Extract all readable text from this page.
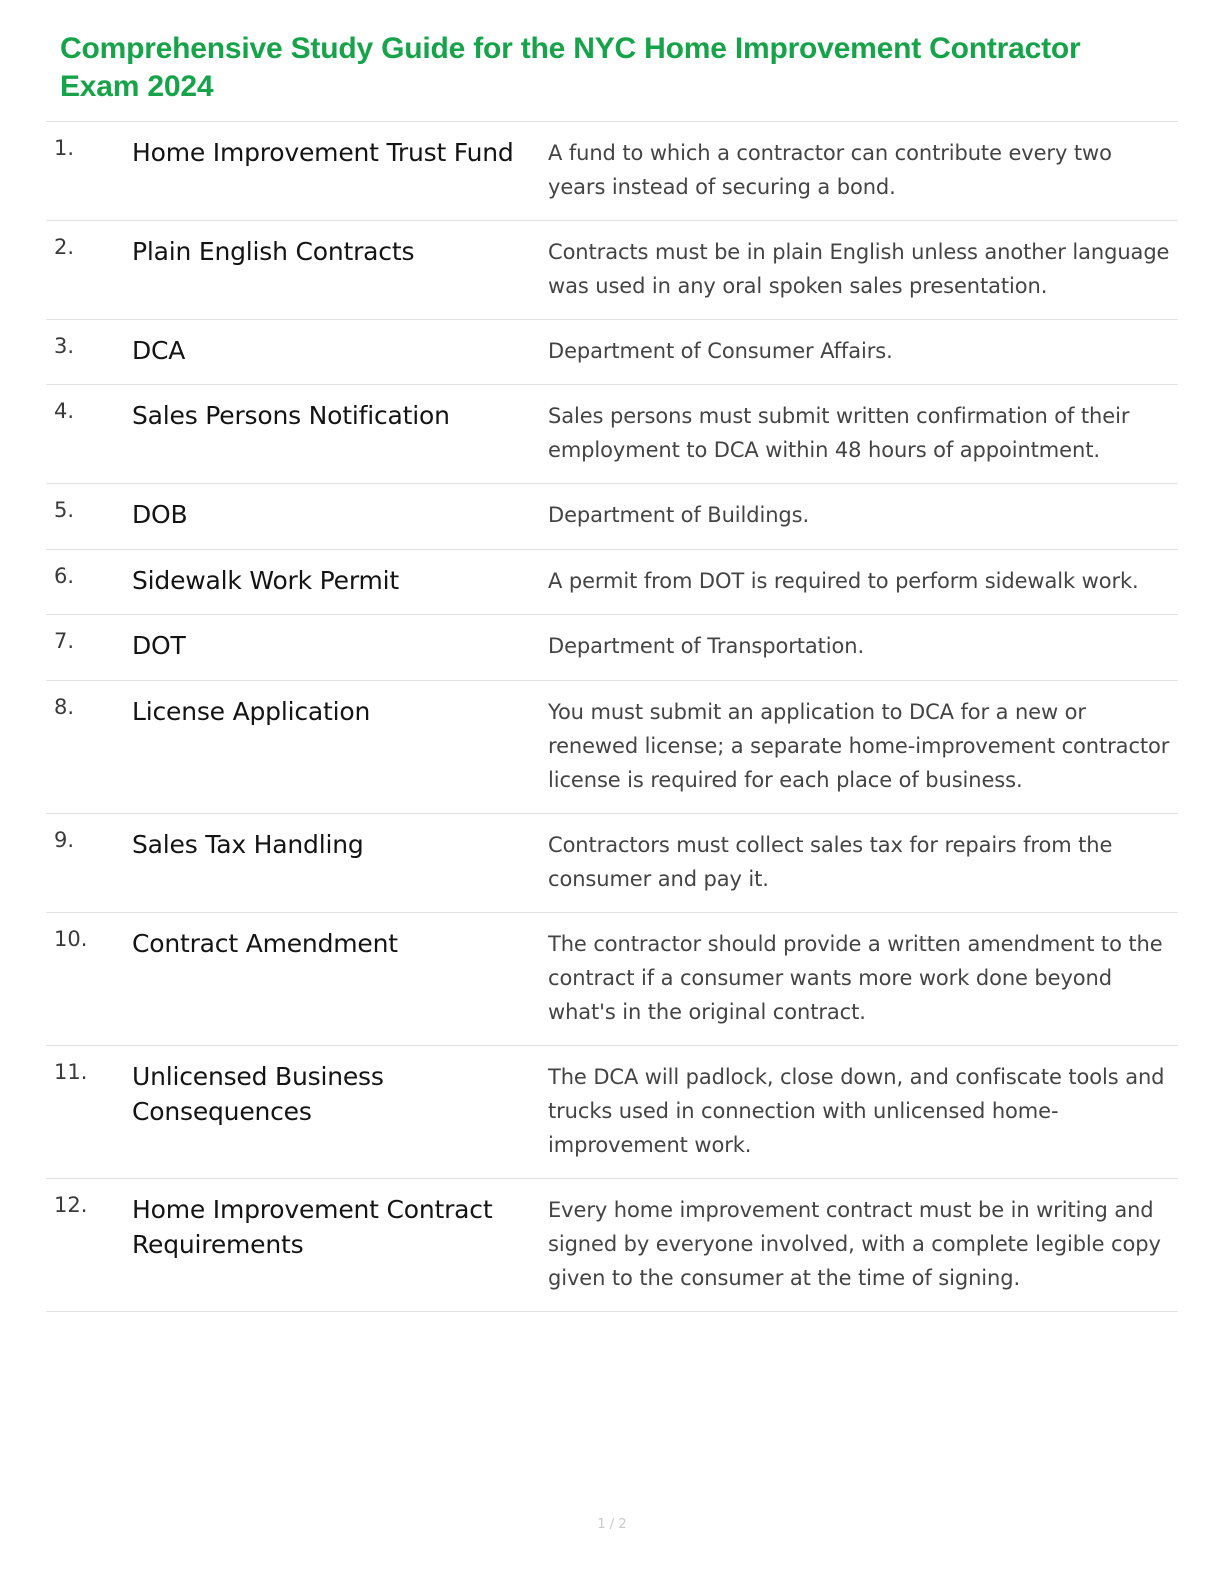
Comprehensive Study Guide for the NYC Home Improvement Contractor Exam 2024
1.	Home Improvement Trust Fund	A fund to which a contractor can contribute every two years instead of securing a bond.
2.	Plain English Contracts	Contracts must be in plain English unless another language was used in any oral spoken sales presentation.
3.	DCA	Department of Consumer Affairs.
4.	Sales Persons Notification	Sales persons must submit written confirmation of their employment to DCA within 48 hours of appointment.
5.	DOB	Department of Buildings.
6.	Sidewalk Work Permit	A permit from DOT is required to perform sidewalk work.
7.	DOT	Department of Transportation.
8.	License Application	You must submit an application to DCA for a new or renewed license; a separate home-improvement contractor license is required for each place of business.
9.	Sales Tax Handling	Contractors must collect sales tax for repairs from the consumer and pay it.
10.	Contract Amendment	The contractor should provide a written amendment to the contract if a consumer wants more work done beyond what's in the original contract.
11.	Unlicensed Business Consequences	The DCA will padlock, close down, and confiscate tools and trucks used in connection with unlicensed home-improvement work.
12.	Home Improvement Contract Requirements	Every home improvement contract must be in writing and signed by everyone involved, with a complete legible copy given to the consumer at the time of signing.
1 / 2
